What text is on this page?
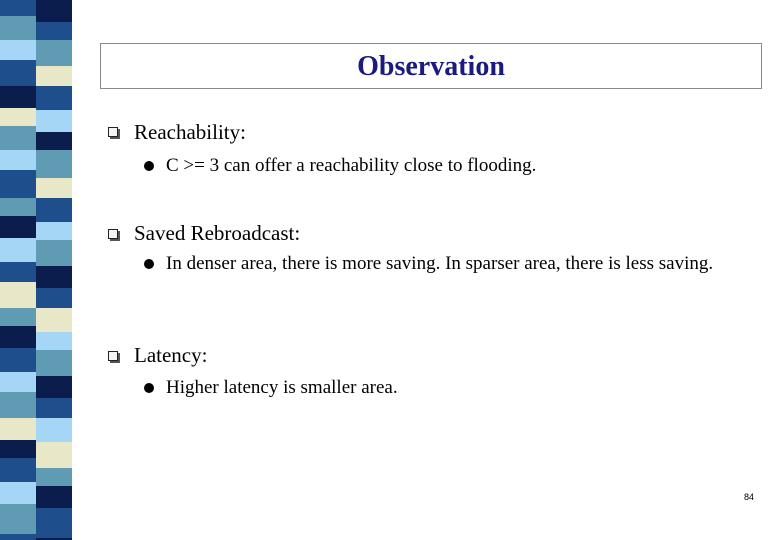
Observation
Reachability:
C >= 3 can offer a reachability close to flooding.
Saved Rebroadcast:
In denser area, there is more saving. In sparser area, there is less saving.
Latency:
Higher latency is smaller area.
84
